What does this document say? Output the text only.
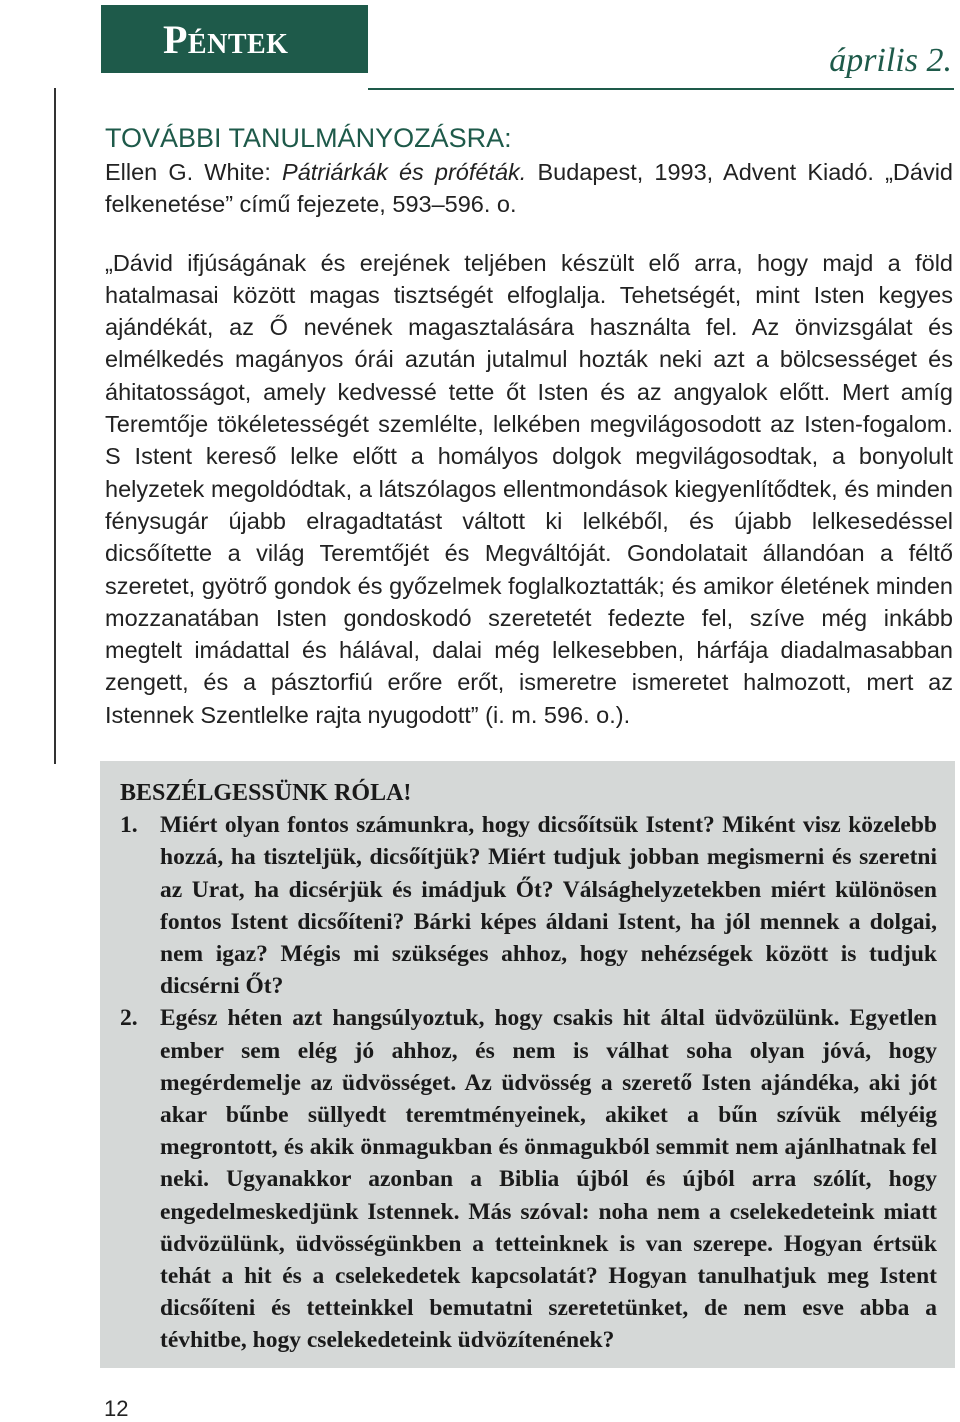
Péntek	április 2.
TOVÁBBI TANULMÁNYOZÁSRA:

Ellen G. White: Pátriárkák és próféták. Budapest, 1993, Advent Kiadó. „Dávid felkenetése” című fejezete, 593–596. o.

„Dávid ifjúságának és erejének teljében készült elő arra, hogy majd a föld hatalmasai között magas tisztségét elfoglalja. Tehetségét, mint Isten kegyes ajándékát, az Ő nevének magasztalására használta fel. Az önvizsgálat és elmélkedés magányos órái azután jutalmul hozták neki azt a bölcsességet és áhitatosságot, amely kedvessé tette őt Isten és az angyalok előtt. Mert amíg Teremtője tökéletességét szemlélte, lelkében megvilágosodott az Isten-fogalom. S Istent kereső lelke előtt a homályos dolgok megvilágosodtak, a bonyolult helyzetek megoldódtak, a látszólagos ellentmondások kiegyenlítődtek, és minden fénysugár újabb elragadtatást váltott ki lelkéből, és újabb lelkesedéssel dicsőítette a világ Teremtőjét és Megváltóját. Gondolatait állandóan a féltő szeretet, gyötrő gondok és győzelmek foglalkoztatták; és amikor életének minden mozzanatában Isten gondoskodó szeretetét fedezte fel, szíve még inkább megtelt imádattal és hálával, dalai még lelkesebben, hárfája diadalmasabban zengett, és a pásztorfiú erőre erőt, ismeretre ismeretet halmozott, mert az Istennek Szentlelke rajta nyugodott” (i. m. 596. o.).

BESZÉLGESSÜNK RÓLA!
1. Miért olyan fontos számunkra, hogy dicsőítsük Istent? Miként visz közelebb hozzá, ha tiszteljük, dicsőítjük? Miért tudjuk jobban megismerni és szeretni az Urat, ha dicsérjük és imádjuk Őt? Válsághelyzetekben miért különösen fontos Istent dicsőíteni? Bárki képes áldani Istent, ha jól mennek a dolgai, nem igaz? Mégis mi szükséges ahhoz, hogy nehézségek között is tudjuk dicsérni Őt?
2. Egész héten azt hangsúlyoztuk, hogy csakis hit által üdvözülünk. Egyetlen ember sem elég jó ahhoz, és nem is válhat soha olyan jóvá, hogy megérdemelje az üdvösséget. Az üdvösség a szerető Isten ajándéka, aki jót akar bűnbe süllyedt teremtményeinek, akiket a bűn szívük mélyéig megrontott, és akik önmagukban és önmagukból semmit nem ajánlhatnak fel neki. Ugyanakkor azonban a Biblia újból és újból arra szólít, hogy engedelmeskedjünk Istennek. Más szóval: noha nem a cselekedeteink miatt üdvözülünk, üdvösségünkben a tetteinknek is van szerepe. Hogyan értsük tehát a hit és a cselekedetek kapcsolatát? Hogyan tanulhatjuk meg Istent dicsőíteni és tetteinkkel bemutatni szeretetünket, de nem esve abba a tévhitbe, hogy cselekedeteink üdvözítenének?
12
